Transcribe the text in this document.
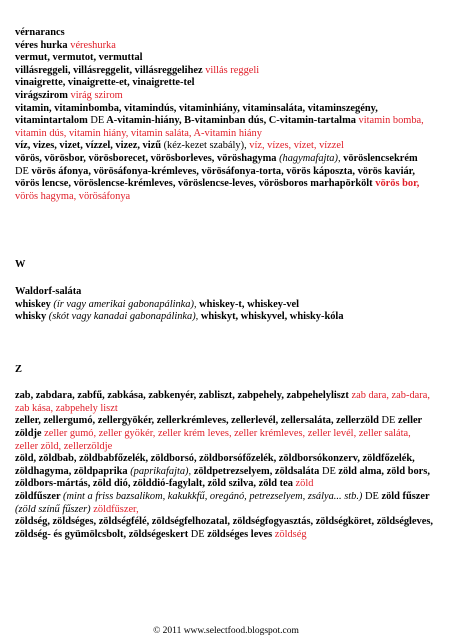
vérnarancs

véres hurka véreshurka

vermut, vermutot, vermuttal

villásreggeli, villásreggelit, villásreggelihez villás reggeli

vinaigrette, vinaigrette-et, vinaigrette-tel

virágszirom virág szirom

vitamin, vitaminbomba, vitamindús, vitaminhiány, vitaminsaláta, vitaminszegény, vitamintartalom DE A-vitamin-hiány, B-vitaminban dús, C-vitamin-tartalma vitamin bomba, vitamin dús, vitamin hiány, vitamin saláta, A-vitamin hiány

víz, vizes, vizet, vízzel, vizez, vizű (kéz-kezet szabály), víz, vízes, vízet, vízzel

vörös, vörösbor, vörösborecet, vörösborleves, vöröshagyma (hagymafajta), vöröslencsekrém DE vörös áfonya, vörösáfonya-krémleves, vörösáfonya-torta, vörös káposzta, vörös kaviár, vörös lencse, vöröslencse-krémleves, vöröslencse-leves, vörösboros marhapörkölt vörös bor, vörös hagyma, vörösáfonya

W

Waldorf-saláta

whiskey (ír vagy amerikai gabonapálinka), whiskey-t, whiskey-vel

whisky (skót vagy kanadai gabonapálinka), whiskyt, whiskyvel, whisky-kóla

Z

zab, zabdara, zabfű, zabkása, zabkenyér, zabliszt, zabpehely, zabpehelyliszt zab dara, zab-dara, zab kása, zabpehely liszt

zeller, zellergumó, zellergyökér, zellerkrémleves, zellerlevél, zellersaláta, zellerzöld DE zeller zöldje zeller gumó, zeller gyökér, zeller krém leves, zeller krémleves, zeller levél, zeller saláta, zeller zöld, zellerzöldje

zöld, zöldbab, zöldbabfőzelék, zöldborsó, zöldborsófőzelék, zöldborsókonzerv, zöldfőzelék, zöldhagyma, zöldpaprika (paprikafajta), zöldpetrezselyem, zöldsaláta DE zöld alma, zöld bors, zöldbors-mártás, zöld dió, zölddió-fagylalt, zöld szilva, zöld tea zöld

zöldfűszer (mint a friss bazsalikom, kakukkfű, oregánó, petrezselyem, zsálya... stb.) DE zöld fűszer (zöld színű fűszer) zöldfűszer,

zöldség, zöldséges, zöldségfélé, zöldségfelhozatal, zöldségfogyasztás, zöldségköret, zöldségleves, zöldség- és gyümölcsbolt, zöldségeskert DE zöldséges leves zöldség

© 2011 www.selectfood.blogspot.com
